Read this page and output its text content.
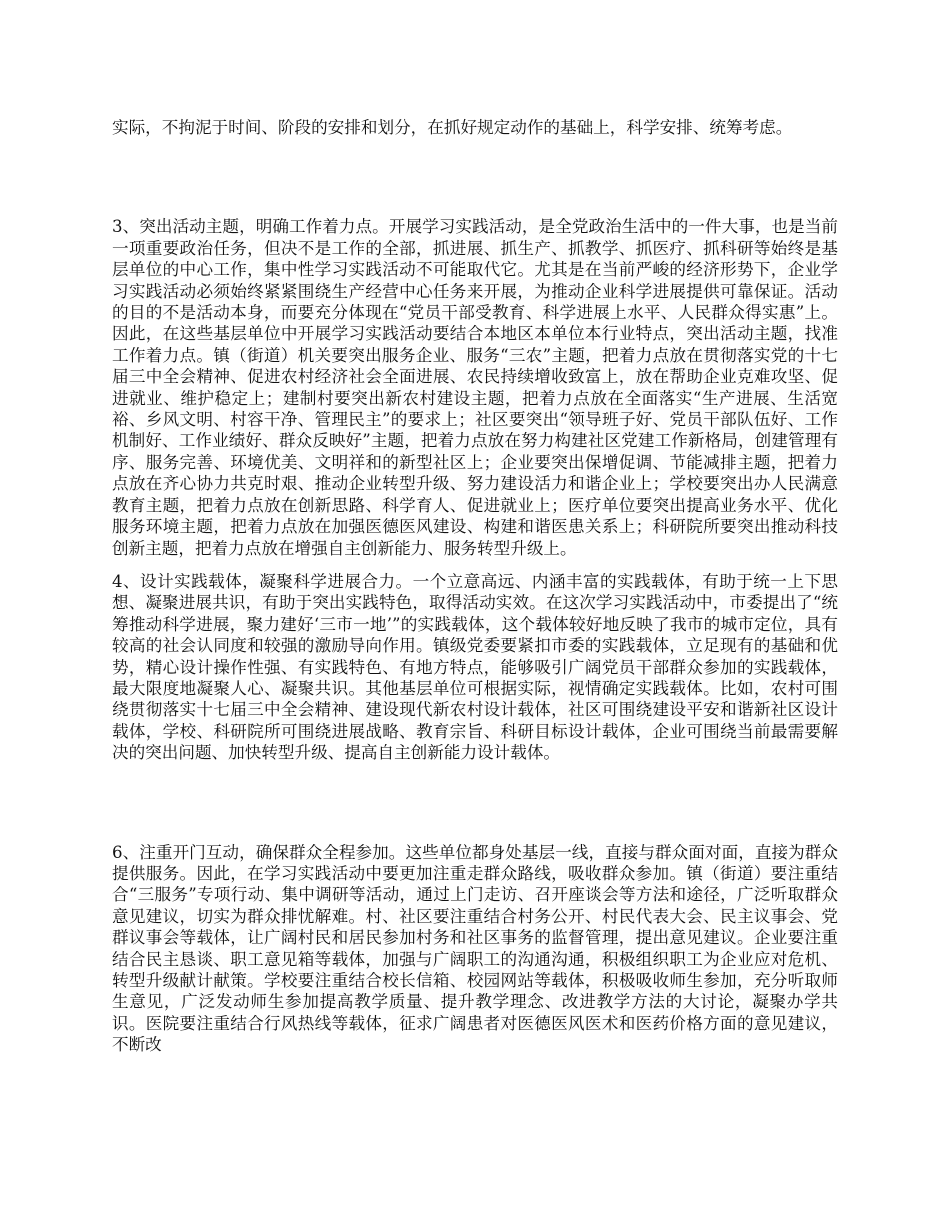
实际，不拘泥于时间、阶段的安排和划分，在抓好规定动作的基础上，科学安排、统筹考虑。

3、突出活动主题，明确工作着力点。开展学习实践活动，是全党政治生活中的一件大事，也是当前一项重要政治任务，但决不是工作的全部，抓进展、抓生产、抓教学、抓医疗、抓科研等始终是基层单位的中心工作，集中性学习实践活动不可能取代它。尤其是在当前严峻的经济形势下，企业学习实践活动必须始终紧紧围绕生产经营中心任务来开展，为推动企业科学进展提供可靠保证。活动的目的不是活动本身，而要充分体现在“党员干部受教育、科学进展上水平、人民群众得实惠”上。因此，在这些基层单位中开展学习实践活动要结合本地区本单位本行业特点，突出活动主题，找准工作着力点。镇（街道）机关要突出服务企业、服务“三农”主题，把着力点放在贯彻落实党的十七届三中全会精神、促进农村经济社会全面进展、农民持续增收致富上，放在帮助企业克难攻坚、促进就业、维护稳定上；建制村要突出新农村建设主题，把着力点放在全面落实“生产进展、生活宽裕、乡风文明、村容干净、管理民主”的要求上；社区要突出“领导班子好、党员干部队伍好、工作机制好、工作业绩好、群众反映好”主题，把着力点放在努力构建社区党建工作新格局，创建管理有序、服务完善、环境优美、文明祥和的新型社区上；企业要突出保增促调、节能减排主题，把着力点放在齐心协力共克时艰、推动企业转型升级、努力建设活力和谐企业上；学校要突出办人民满意教育主题，把着力点放在创新思路、科学育人、促进就业上；医疗单位要突出提高业务水平、优化服务环境主题，把着力点放在加强医德医风建设、构建和谐医患关系上；科研院所要突出推动科技创新主题，把着力点放在增强自主创新能力、服务转型升级上。

4、设计实践载体，凝聚科学进展合力。一个立意高远、内涵丰富的实践载体，有助于统一上下思想、凝聚进展共识，有助于突出实践特色，取得活动实效。在这次学习实践活动中，市委提出了“统筹推动科学进展，聚力建好‘三市一地’”的实践载体，这个载体较好地反映了我市的城市定位，具有较高的社会认同度和较强的激励导向作用。镇级党委要紧扣市委的实践载体，立足现有的基础和优势，精心设计操作性强、有实践特色、有地方特点，能够吸引广阔党员干部群众参加的实践载体，最大限度地凝聚人心、凝聚共识。其他基层单位可根据实际，视情确定实践载体。比如，农村可围绕贯彻落实十七届三中全会精神、建设现代新农村设计载体，社区可围绕建设平安和谐新社区设计载体，学校、科研院所可围绕进展战略、教育宗旨、科研目标设计载体，企业可围绕当前最需要解决的突出问题、加快转型升级、提高自主创新能力设计载体。

6、注重开门互动，确保群众全程参加。这些单位都身处基层一线，直接与群众面对面，直接为群众提供服务。因此，在学习实践活动中要更加注重走群众路线，吸收群众参加。镇（街道）要注重结合“三服务”专项行动、集中调研等活动，通过上门走访、召开座谈会等方法和途径，广泛听取群众意见建议，切实为群众排忧解难。村、社区要注重结合村务公开、村民代表大会、民主议事会、党群议事会等载体，让广阔村民和居民参加村务和社区事务的监督管理，提出意见建议。企业要注重结合民主恳谈、职工意见箱等载体，加强与广阔职工的沟通沟通，积极组织职工为企业应对危机、转型升级献计献策。学校要注重结合校长信箱、校园网站等载体，积极吸收师生参加，充分听取师生意见，广泛发动师生参加提高教学质量、提升教学理念、改进教学方法的大讨论，凝聚办学共识。医院要注重结合行风热线等载体，征求广阔患者对医德医风医术和医药价格方面的意见建议，不断改
